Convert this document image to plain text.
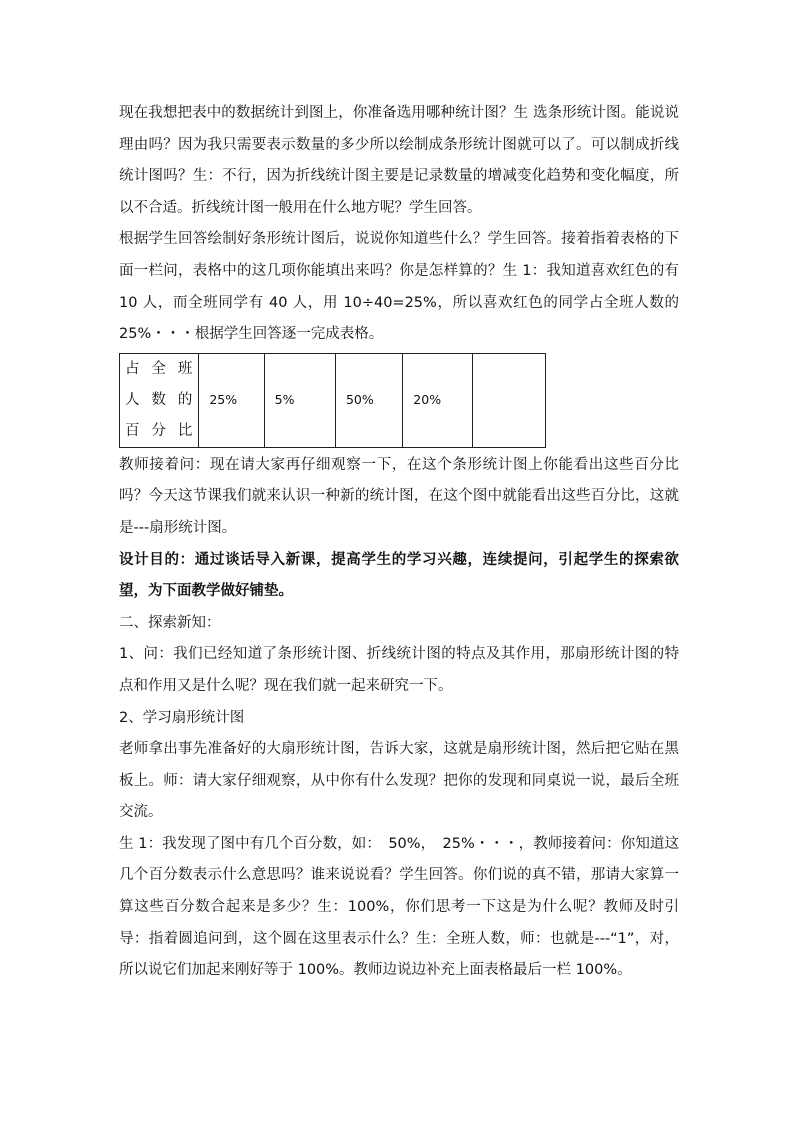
现在我想把表中的数据统计到图上，你准备选用哪种统计图？生 选条形统计图。能说说理由吗？因为我只需要表示数量的多少所以绘制成条形统计图就可以了。可以制成折线统计图吗？生：不行，因为折线统计图主要是记录数量的增减变化趋势和变化幅度，所以不合适。折线统计图一般用在什么地方呢？学生回答。

根据学生回答绘制好条形统计图后，说说你知道些什么？学生回答。接着指着表格的下面一栏问，表格中的这几项你能填出来吗？你是怎样算的？生 1：我知道喜欢红色的有 10 人，而全班同学有 40 人，用 10÷40=25%，所以喜欢红色的同学占全班人数的 25%・・・根据学生回答逐一完成表格。

占全班
人数的
百分比
	25%	5%	50%	20%	

教师接着问：现在请大家再仔细观察一下，在这个条形统计图上你能看出这些百分比吗？今天这节课我们就来认识一种新的统计图，在这个图中就能看出这些百分比，这就是---扇形统计图。

设计目的：通过谈话导入新课，提高学生的学习兴趣，连续提问，引起学生的探索欲望，为下面教学做好铺垫。

二、探索新知：

1、问：我们已经知道了条形统计图、折线统计图的特点及其作用，那扇形统计图的特点和作用又是什么呢？现在我们就一起来研究一下。

2、学习扇形统计图

老师拿出事先准备好的大扇形统计图，告诉大家，这就是扇形统计图，然后把它贴在黑板上。师：请大家仔细观察，从中你有什么发现？把你的发现和同桌说一说，最后全班交流。

生 1：我发现了图中有几个百分数，如：　50%，　25%・・・，教师接着问：你知道这几个百分数表示什么意思吗？谁来说说看？学生回答。你们说的真不错，那请大家算一算这些百分数合起来是多少？生：100%，你们思考一下这是为什么呢？教师及时引导：指着圆追问到，这个圆在这里表示什么？生：全班人数，师：也就是---“1”，对，所以说它们加起来刚好等于 100%。教师边说边补充上面表格最后一栏 100%。
